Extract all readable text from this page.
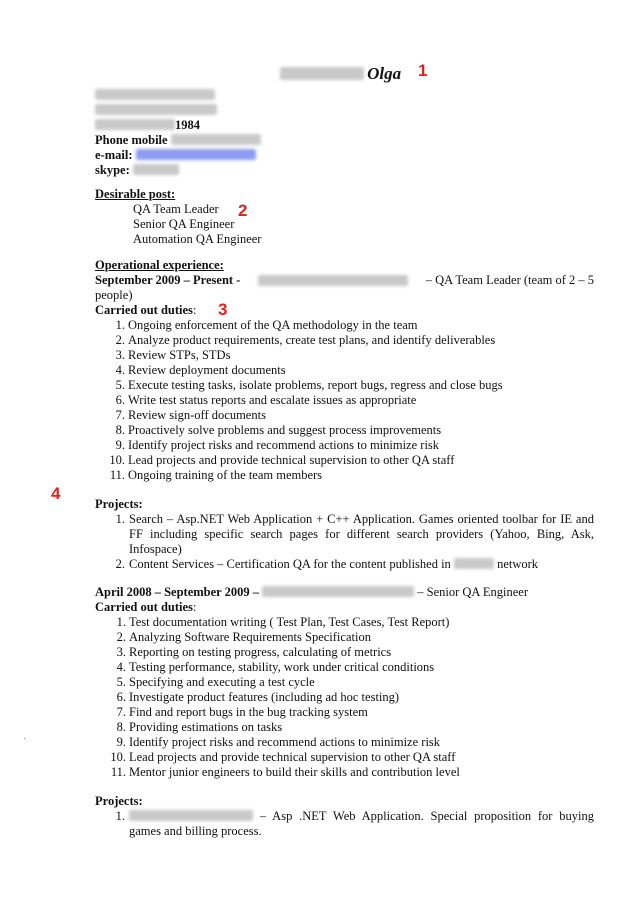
1
2
3
4
Olga
1984
Phone mobile
e-mail:
skype:
Desirable post:
QA Team Leader
Senior QA Engineer
Automation QA Engineer
Operational experience:
September 2009 – Present -	– QA Team Leader (team of 2 – 5
people)
Carried out duties:
1. Ongoing enforcement of the QA methodology in the team
2. Analyze product requirements, create test plans, and identify deliverables
3. Review STPs, STDs
4. Review deployment documents
5. Execute testing tasks, isolate problems, report bugs, regress and close bugs
6. Write test status reports and escalate issues as appropriate
7. Review sign-off documents
8. Proactively solve problems and suggest process improvements
9. Identify project risks and recommend actions to minimize risk
10. Lead projects and provide technical supervision to other QA staff
11. Ongoing training of the team members
Projects:
1. Search – Asp.NET Web Application + C++ Application. Games oriented toolbar for IE and FF including specific search pages for different search providers (Yahoo, Bing, Ask, Infospace)
2. Content Services – Certification QA for the content published in	network
April 2008 – September 2009 –	– Senior QA Engineer
Carried out duties:
1. Test documentation writing ( Test Plan, Test Cases, Test Report)
2. Analyzing Software Requirements Specification
3. Reporting on testing progress, calculating of metrics
4. Testing performance, stability, work under critical conditions
5. Specifying and executing a test cycle
6. Investigate product features (including ad hoc testing)
7. Find and report bugs in the bug tracking system
8. Providing estimations on tasks
9. Identify project risks and recommend actions to minimize risk
10. Lead projects and provide technical supervision to other QA staff
11. Mentor junior engineers to build their skills and contribution level
Projects:
1.	– Asp .NET Web Application. Special proposition for buying games and billing process.
